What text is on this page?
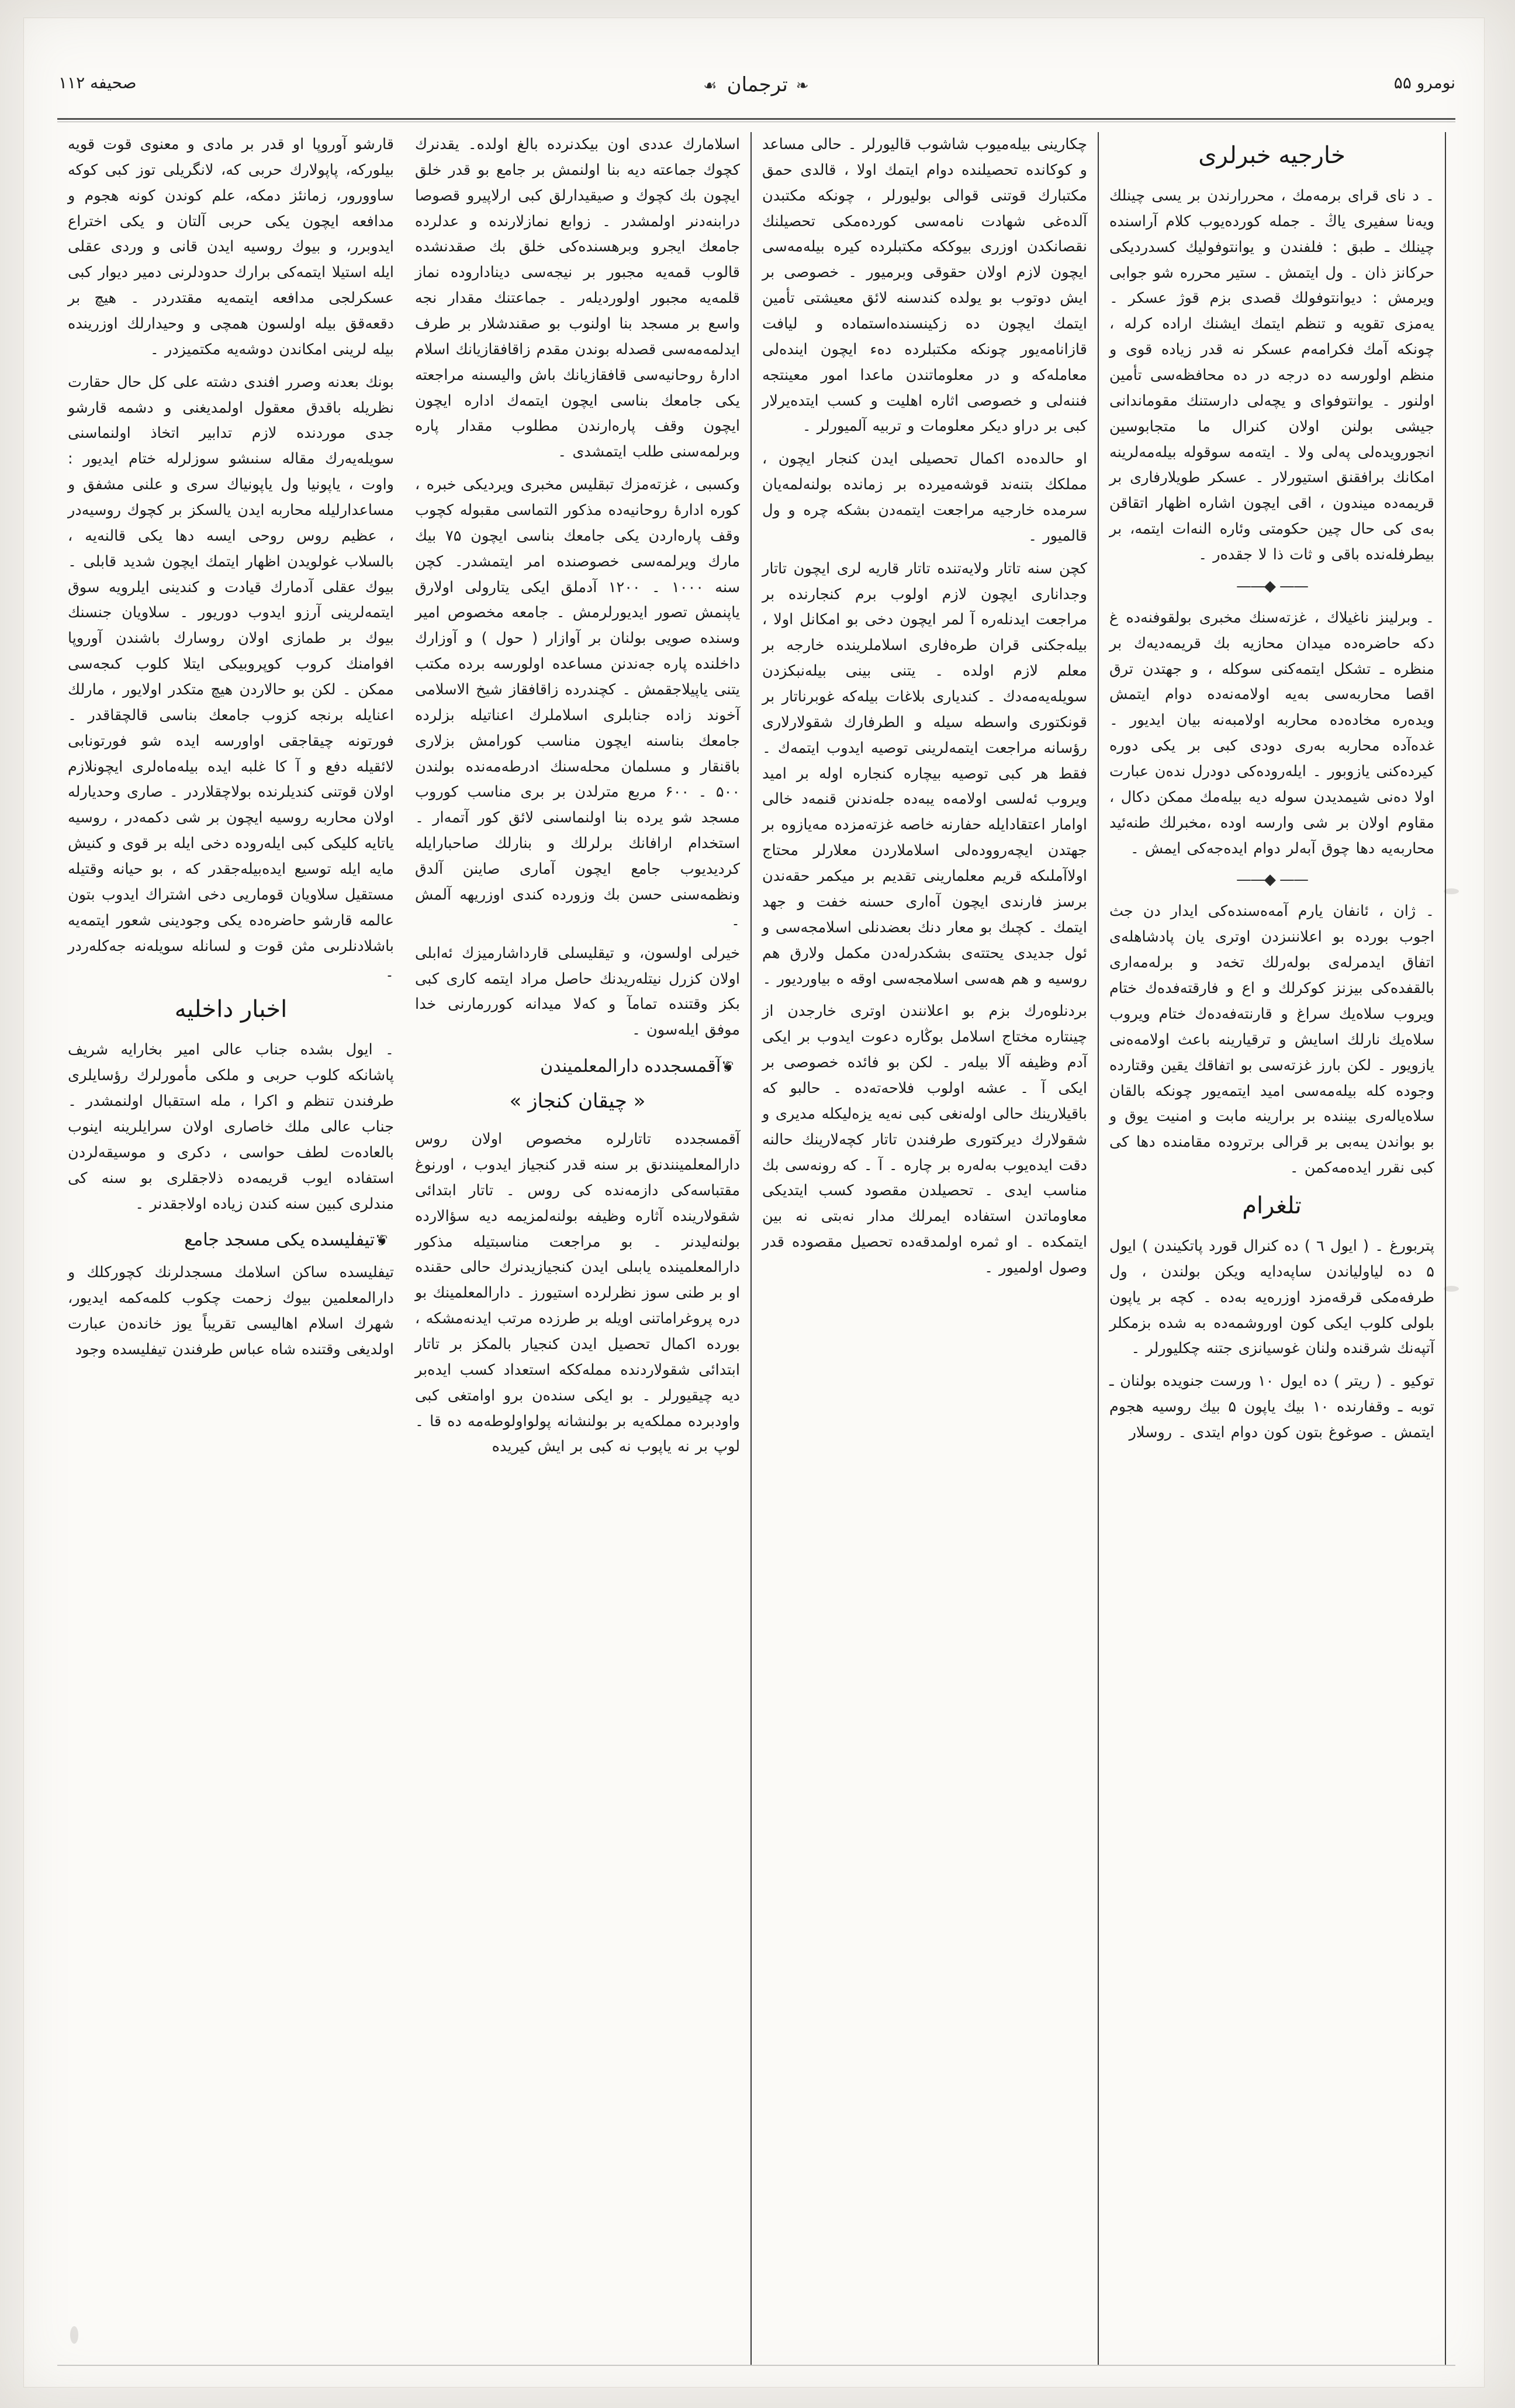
صحيفه ۱۱۲	❧ترجمان☙	نومرو ۵۵

قارشو آوروپا او قدر بر مادی و معنوی قوت قویه بیلورکه، پاپولارك حربی كه، لانگریلى توز كبى كوكه ساوورور، زمانئز دمكه، علم كوندن كونه هجوم و مدافعه ایچون یکى حربى آلتان و یکى اختراع ایدوبرر، و بیوك روسیه ایدن قانى و وردى عقلى ایله استیلا ایتمەکى برارك حدودلرنى دمیر دیوار کبى عسکرلجى مدافعه ایتمەیه مقتدردر ۔ هیچ بر دقعەقق بیله اولسون همچى و وحیدارلك اوزرینده بیلە لرینى امكاندن دوشەیه مكتمیزدر ۔

بونك بعدنه وصرر افندى دشته على كل حال حقارت نظریله باقدق معقول اولمدیغنى و دشمه قارشو جدى موردنده لازم تدابیر اتخاذ اولنماسنى سویلەیەرك مقاله سنىشو سوزلرله ختام ایدیور : واوت ، یاپونیا ول یاپونیاك سرى و علنى مشفق و مساعدارلیله محاربه ایدن یالسکز بر كچوك روسیەدر ، عظیم روس روحى ایسه دها یکى قالنەیه ، بالسلاب غولویدن اظهار ایتمك ایچون شدید قابلى ۔ بیوك عقلى آدمارك قیادت و كندینى ایلرویه سوق ایتمەلرینى آرزو ایدوب دوریور ۔ سلاویان جنسنك بیوك بر طمازى اولان روسارك باشندن آوروپا افوامنك كروب كوپروبیکى ایتلا كلوب كىجەسى ممكن ۔ لكن بو حالاردن هیچ متكدر اولایور ، مارلك اعنایله برنجه كزوب جامعك بناسى قالچقاقدر ۔ فورتونه چیقاجقى اواورسه ایدە شو فورتونابى لائقیله دفع و آ كا غلبه ایده بیلەماەلرى ایچونلازم اولان قوتنى كندیلرنده بولاچقلاردر ۔ صارى وحدیارله اولان محاربه روسیه ایچون بر شى دكمەدر ، روسیه یاتایه كلیكى كبى ایلەروده دخى ایله بر قوى و كنیش مایه ایلە توسیع ایدەبیلەجقدر كه ، بو حیانه وقتیله مستقیل سلاویان قوماریى دخى اشتراك ایدوب بتون عالمه قارشو حاضرەده یکى وجودینى شعور ایتمەیه باشلادنلرىى مثن قوت و لسانله سویلەنه جەكلەردر ۔

اخبار داخلیه

۔ ایول بشده جناب عالى امیر بخارایه شریف پاشانکه كلوب حربى و ملکى مأمورلرك رؤسایلرى طرفندن تنظم و اكرا ، مله استقبال اولنمشدر ۔ جناب عالى ملك خاصارى اولان سرایلرینه اینوب بالعادەت لطف حواسى ، دكرى و موسیقەلردن استفاده ایوب قریمەده ذلاجقلرى بو سنه كى مندلرى كبین سنه كندن زیاده اولاجقدنر ۔

❦تیفلیسده یکى مسجد جامع

تیفلیسده ساكن اسلامك مسجدلرنك كچوركلك و دارالمعلمین بیوك زحمت چكوب كلمەكمه ایدیور، شهرك اسلام اهالیسى تقریباً یوز خاندەن عبارت اولدیغى وقتنده شاه عباس طرفندن تیفلیسده وجود

اسلامارك عددى اون بیکدنرده بالغ اولدە۔ یقدنرك كچوك جماعته دیه بنا اولنمش بر جامع بو قدر خلق ایچون بك كچوك و صیقیدارلق كبى ارلاپیرو قصوصا درابنەدنر اولمشدر ۔ زوابع نمازلارنده و عدلرده جامعك ایجرو وبرهسندەكى خلق بك صقدنشدە قالوب قمەیه مجبور بر نیجەسى دیناداروده نماز قلمەیه مجبور اولوردیلەر ۔ جماعتنك مقدار نجه واسع بر مسجد بنا اولنوب بو صقندشلار بر طرف ایدلمەمەسى قصدله بوندن مقدم زاقافقازیانك اسلام ادارۀ روحانیەسى قافقازیانك باش والیسىنه مراجعته یکى جامعك بناسى ایچون ایتمەك اداره ایچون ایچون وقف پارەارندن مطلوب مقدار پارە وبرلمەسنى طلب ایتمشدى ۔

وكسبى ، غزتەمزك تبقلیس مخبرى ویردیکى خبره ، كوره ادارۀ روحانیەده مذكور التماسى مقبوله كچوب وقف پارەاردن یکى جامعك بناسى ایچون ۷۵ بیك مارك ویرلمەسى خصوصنده امر ایتمشدر۔ كچن سنه ۱۰۰۰ ۔ ۱۲۰۰ آدملق ایکى یتارولى اولارق یاپنمش تصور ایدیورلرمش ۔ جامعه مخصوص امیر وسنده صویى بولنان بر آوازار ( حول ) و آوزارك داخلنده پارە جەندنن مساعده اولورسه بردە مكتب یتنى یاپیلاجقمش ۔ كچندرده زاقافقاز شیخ الاسلامى آخوند زاده جنابلرى اسلاملرك اعناتیله بزلرده جامعك بناسنه ایچون مناسب كورامش بزلارى باقنقار و مسلمان محلەسنك ادرطەمەنده بولندن ۵۰۰ ۔ ۶۰۰ مربع مترلدن بر برى مناسب كوروب مسجد شو یرده بنا اولنماسنى لائق كور آتمەار ۔ استخدام ارافانك برلرلك و بنارلك صاحبارایلە كردیدیوب جامع ایچون آمارى صاینن آلدق ونظمەسنى حسن بك وزوردە كندى اوزریهه آلمش ۔

خیرلى اولسون، و تیقلیسلى قارداشارمیزك ئەابلى اولان كزرل نیتلەریدنك حاصل مراد ایتمه كارى كبى بكز وقتنده تمامآ و كەلا میدانه كوررمارنى خدا موفق ایلەسون ۔

❦آقمسجدده دارالمعلمیندن
« چیقان كنجاز »

آقمسجدده تاتارلرە مخصوص اولان روس دارالمعلمینندنق بر سنه قدر كنجیاز ایدوب ، اورنوغ مقتباسەكى دازمەنده كى روس ۔ تاتار ابتدائى شقولارینده آثارە وظیفه بولنەلمزیمە دیە سؤالاردە بولنەلیدنر ۔ بو مراجعت مناسبتیله مذكور دارالمعلمینده یابىلى ایدن كنجیازیدنرك حالى حقنده او بر طنى سوز نظرلرده استیورز ۔ دارالمعلمینك بو دره پروغراماتنى اویله بر طرزده مرتب ایدنەمشكه ، بورده اكمال تحصیل ایدن كنجیار بالمكز بر تاتار ابتدائى شقولاردنده مملەككه استعداد كسب ایدەبر دیە چیقیورلر ۔ بو ایکى سندەن برو اوامتغى كبى واودبرده مملکەیه بر بولنشانه پولواولوطەمه ده قا ۔ لوپ بر نه یاپوب نه كبى بر ایش كیریدە

چكارینى بیلەمیوب شاشوب قالیورلر ۔ حالى مساعد و كوكاندە تحصیلنده دوام ایتمك اولا ، قالدى حمق مكتبارك قوتنى قوالى بولیورلر ، چونکه مكتبدن آلدەغى شهادت نامەسى كوردەمكى تحصیلنك نقصانكدن اوزرى بیوككه مكتبلرده كیرە بیلەمەسى ایچون لازم اولان حقوقى وبرمیور ۔ خصوصى بر ایش دوتوب بو یولده كندسنه لائق معیشتى تأمین ایتمك ایچون دە زكینسندەاستماده و لیافت قازانامەیور چونکه مكتبلردە دەء ایچون ایندەلى معاملەكه و در معلوماتندن ماعدا امور معینتجه فننەلى و خصوصى اثارە اهلیت و كسب ایتدەیرلار كبى بر دراو دیکر معلومات و تربیه آلمیورلر ۔

او حالدەدە اكمال تحصیلى ایدن كنجار ایچون ، مملكك بتنەند قوشەمیرده بر زمانده بولنەلمەیان سرمدە خارجیه مراجعت ایتمەدن بشكه چرە و ول قالمیور ۔

كچن سنه تاتار ولایەتنده تاتار قاریە لرى ایچون تاتار وجدانارى ایچون لازم اولوب برم كنجارنده بر مراجعت ایدنلەرە آ لمر ایچون دخى بو امكانل اولا ، بیلەجكنى قران طرەفارى اسلاملرینده خارجه بر معلم لازم اولده ۔ یتنى بینى بیلەنبکزدن سویلەیەمەدك ۔ كندیارى بلاغات بیلەكه غوبرناتار بر قونكتورى واسطه سیله و الطرفارك شقولارلارى رؤسانه مراجعت ایتمەلرینى توصیه ایدوب ایتمەك ۔ فقط هر كبى توصیه بیچاره كنجاره اوله بر امید ویروب ئەلسى اولامەە یبەده جلەندنن قنمەد خالى اوامار اعتقادایله حفارنه خاصە غزتەمزده مەیازوە بر جهتدن ایچەروودەلى اسلاملاردن معلارلر محتاج اولاآملىکه قریم معلمارینى تقدیم بر میكمر حقەندن برسز فارندى ایچون آەارى حسنه خفت و جهد ایتمك ۔ كچىك بو معار دنك بعضدنلى اسلامجەسى و ئول جدیدى یحتتەى بشكدرلەدن مكمل ولارق هم روسیه و هم هەسى اسلامجەسى اوقە ە بیاوردیور ۔

بردنلوەرك بزم بو اعلانندن اوترى خارجدن از چینتارە مختاج اسلامل بوڭارە دعوت ایدوب بر ایکى آدم وظیفه آلا بیلەر ۔ لكن بو فائده خصوصى بر ایکى آ ۔ عشە اولوب فلاحەتەدە ۔ حالبو كه باقیلارینك حالى اولەنغى كبى نەیە یزەلیکلە مدیرى و شقولارك دیرکتورى طرفندن تاتار كچەلارینك حالنە دقت ایدەیوب بەلەرە بر چارە ۔ آ ۔ كه رونەسى بك مناسب ایدى ۔ تحصیلدن مقصود كسب ایتدیکى معاوماتدن استفاده ایمرلك مدار نەبتى نە بین ایتمكدە ۔ او ثمره اولمدقەدە تحصیل مقصوده قدر وصول اولمیور ۔

خارجیه خبرلرى

۔ د ناى قراى برمەمك ، محررارندن بر یسى چینلك ویەنا سفیرى یاڭ ۔ جمله كوردەیوب كلام آراسنده چینلك ـ طبق : فلفندن و یوانتوفولیك كسدردیکى حركانز ذان ۔ ول ایتمش ۔ ستیر محرره شو جوابى ویرمش : دیوانتوفولك قصدى بزم قوژ عسکر ۔ یەمزى تقویه و تنظم ایتمك ایشنك اراده كرلە ، چونکه آمك فكرامەم عسكر نە قدر زیاده قوى و منظم اولورسه دە درجه در دە محافظەسى تأمین اولنور ۔ یوانتوفواى و یچەلى دارستنك مقوماندانى جیشى بولنن اولان كنرال ما متجابوسین انجورویدەلى پەلى ولا ۔ ایتەمە سوقولە بیلەمەلرینه امكانك برافقنق استیورلار ۔ عسكر طویلارفارى بر قریمەدە میندون ، اقى ایچون اشاره اظهار اتقاقن بەی كى حال چین حكومتى وئارە النەات ایتمە، بر بیطرفلەندە باقى و ثات ذا لا جقدەر ۔

—— ◆ ——

۔ وبرلینز ناغیلاك ، غزتەسنك مخبرى بولقوفنەده غ دكه حاضرەده میدان محازیه بك قریمەدیەك بر منظرە ـ تشكل ایتمەكنى سوكلە ، و جهتدن ترق اقصا محاربەسى بەیه اولامەنەدە دوام ایتمش ویدەرە مخادەدە محاربە اولامبەنه بیان ایدیور ۔ غدەآده محاربه بەرى دودى كبى بر یکى دوره كیردەكنى یازوبور ۔ ایلەرودەكى دودرل ندەن عبارت اولا دەنى شیمدیدن سوله دیه بیلەمك ممكن دكال ، مقاوم اولان بر شى وارسە اودە ،مخبرلك طنەئید محاربەیه دها چوق آبەلر دوام ایدەجەكى ایمش ۔

—— ◆ ——

۔ ژان ، ئانفان یارم آمەەسندەكى ایدار دن جث اجوب بوردە بو اعلاننىزدن اوترى یان پادشاهلەى اتفاق ایدمرلەى بولەرلك تخەد و برلەمەارى بالقفدەكى بیزنز كوكرلك و اع و فارقتەفدەك ختام ویروب سلاەیك سراغ و قارنتەفەدەك ختام ویروب سلاەیك نارلك اسایش و ترقیارینه باعث اولامەەنى یازویور ۔ لكن بارز غزتەسى بو اتفاقك یقین وقتارده وجوده كله بیلەمەسى امید ایتمەیور چونکه بالقان سلاەیالەرى بینندە بر برارینه مابت و امنیت یوق و بو بواندن یىەبى بر قرالى برتروده مقامنده دها كى كبى نقرر ایدەمەكمن ۔

تلغرام

پتربورغ ۔ ( ایول ٦ ) ده كنرال قورد پاتكیندن ) ایول ۵ ده لیاولیاندن ساپەدایه ویكن بولندن ، ول طرفەمكى قرقەمزد اوزرەیه بەدە ۔ كچه بر یاپون بلولى كلوب ایکى كون اوروشمەده به شده بزمكلر آتپەنك شرقنده ولنان غوسیانزى جتنه چكلیورلر ۔

توكیو ۔ ( ریتر ) ده ایول ۱۰ ورست جنویده بولنان ـ توبه ـ وقفارنده ۱۰ بیك یاپون ۵ بیك روسیه هجوم ایتمش ۔ صوغوغ بتون كون دوام ایتدى ۔ روسلار
